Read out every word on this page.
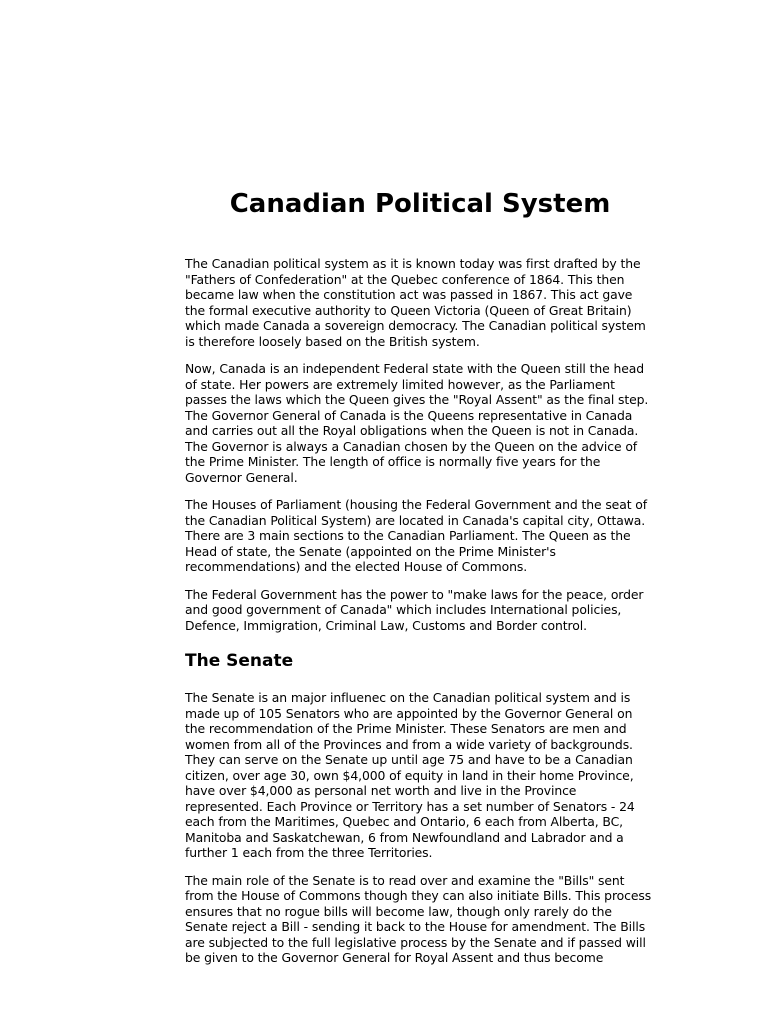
Canadian Political System

The Canadian political system as it is known today was first drafted by the "Fathers of Confederation" at the Quebec conference of 1864. This then became law when the constitution act was passed in 1867. This act gave the formal executive authority to Queen Victoria (Queen of Great Britain) which made Canada a sovereign democracy. The Canadian political system is therefore loosely based on the British system.

Now, Canada is an independent Federal state with the Queen still the head of state. Her powers are extremely limited however, as the Parliament passes the laws which the Queen gives the "Royal Assent" as the final step. The Governor General of Canada is the Queens representative in Canada and carries out all the Royal obligations when the Queen is not in Canada. The Governor is always a Canadian chosen by the Queen on the advice of the Prime Minister. The length of office is normally five years for the Governor General.

The Houses of Parliament (housing the Federal Government and the seat of the Canadian Political System) are located in Canada's capital city, Ottawa. There are 3 main sections to the Canadian Parliament. The Queen as the Head of state, the Senate (appointed on the Prime Minister's recommendations) and the elected House of Commons.

The Federal Government has the power to "make laws for the peace, order and good government of Canada" which includes International policies, Defence, Immigration, Criminal Law, Customs and Border control.

The Senate

The Senate is an major influenec on the Canadian political system and is made up of 105 Senators who are appointed by the Governor General on the recommendation of the Prime Minister. These Senators are men and women from all of the Provinces and from a wide variety of backgrounds. They can serve on the Senate up until age 75 and have to be a Canadian citizen, over age 30, own $4,000 of equity in land in their home Province, have over $4,000 as personal net worth and live in the Province represented. Each Province or Territory has a set number of Senators - 24 each from the Maritimes, Quebec and Ontario, 6 each from Alberta, BC, Manitoba and Saskatchewan, 6 from Newfoundland and Labrador and a further 1 each from the three Territories.

The main role of the Senate is to read over and examine the "Bills" sent from the House of Commons though they can also initiate Bills. This process ensures that no rogue bills will become law, though only rarely do the Senate reject a Bill - sending it back to the House for amendment. The Bills are subjected to the full legislative process by the Senate and if passed will be given to the Governor General for Royal Assent and thus become
